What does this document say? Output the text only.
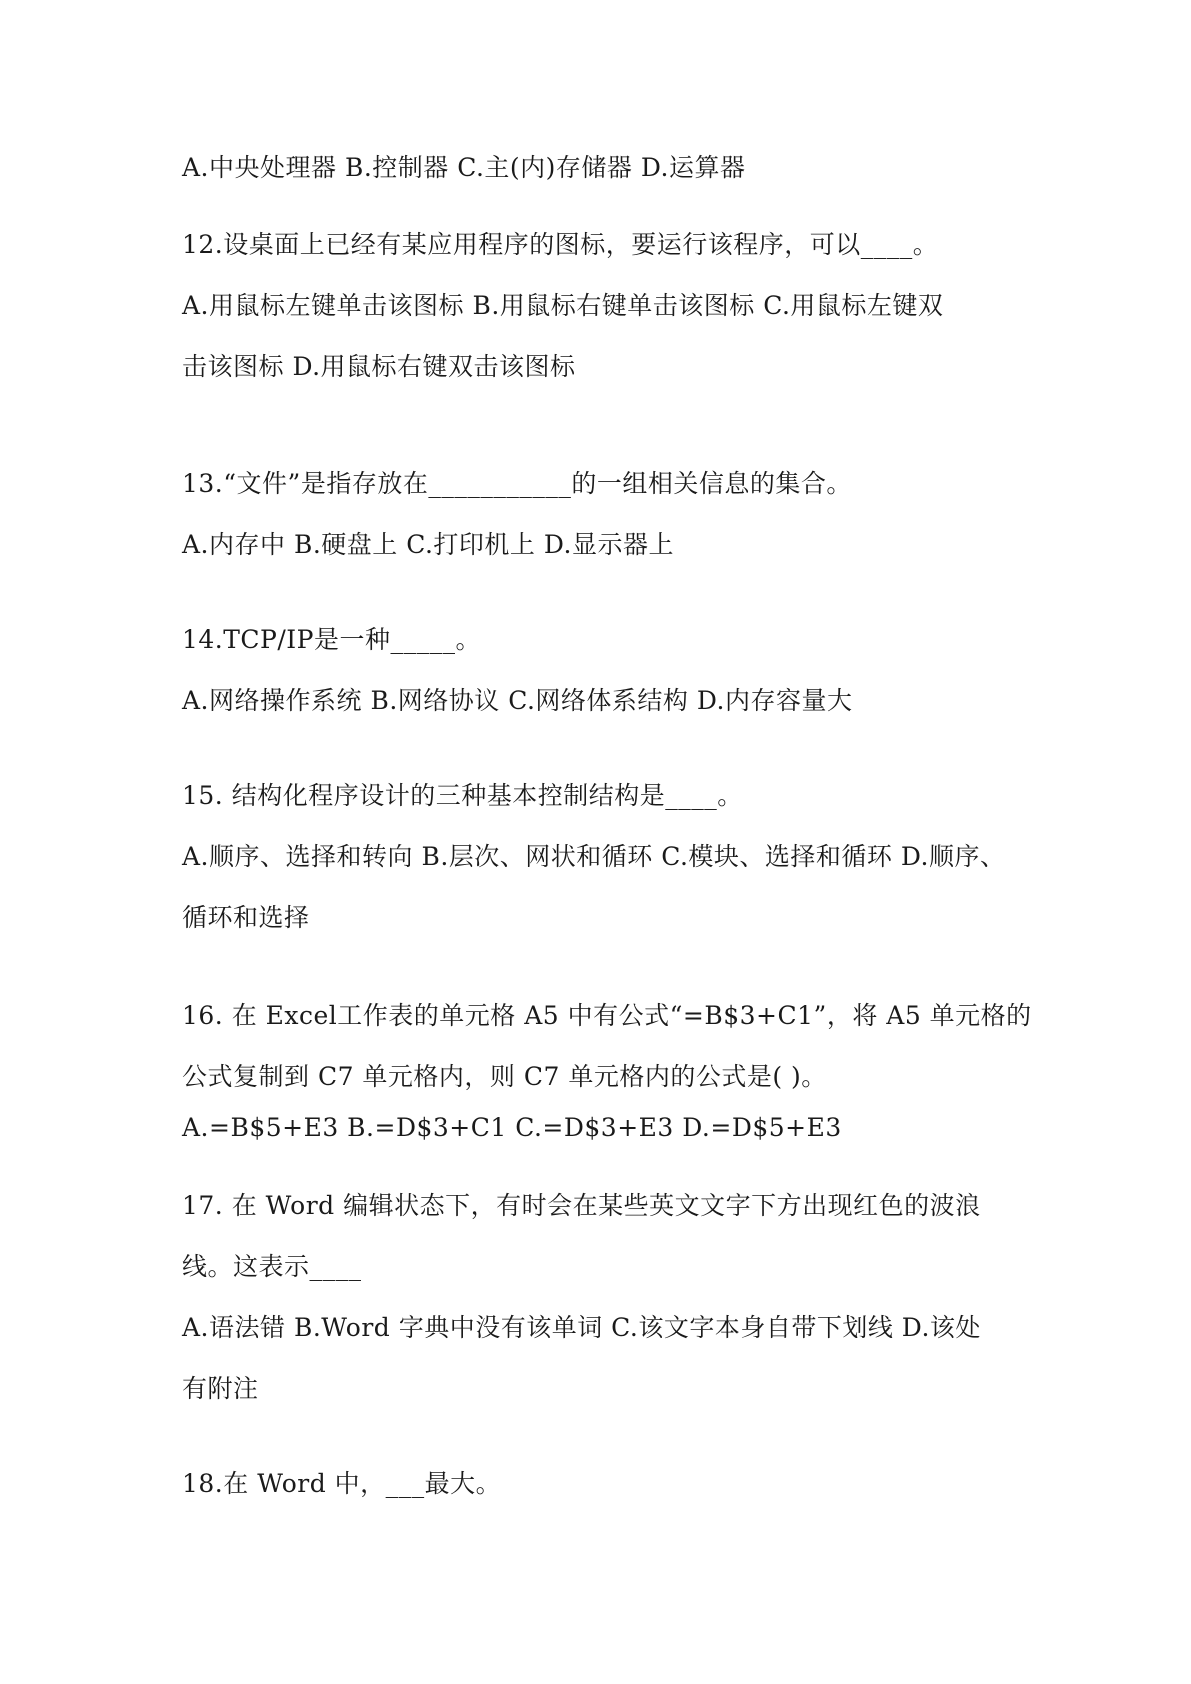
A.中央处理器 B.控制器 C.主(内)存储器 D.运算器
12.设桌面上已经有某应用程序的图标，要运行该程序，可以____。
A.用鼠标左键单击该图标 B.用鼠标右键单击该图标 C.用鼠标左键双
击该图标 D.用鼠标右键双击该图标
13.“文件”是指存放在___________的一组相关信息的集合。
A.内存中 B.硬盘上 C.打印机上 D.显示器上
14.TCP/IP是一种_____。
A.网络操作系统 B.网络协议 C.网络体系结构 D.内存容量大
15. 结构化程序设计的三种基本控制结构是____。
A.顺序、选择和转向 B.层次、网状和循环 C.模块、选择和循环 D.顺序、
循环和选择
16. 在 Excel工作表的单元格 A5 中有公式“=B$3+C1”，将 A5 单元格的
公式复制到 C7 单元格内，则 C7 单元格内的公式是( )。
A.=B$5+E3 B.=D$3+C1 C.=D$3+E3 D.=D$5+E3
17. 在 Word 编辑状态下，有时会在某些英文文字下方出现红色的波浪
线。这表示____
A.语法错 B.Word 字典中没有该单词 C.该文字本身自带下划线 D.该处
有附注
18.在 Word 中，___最大。
